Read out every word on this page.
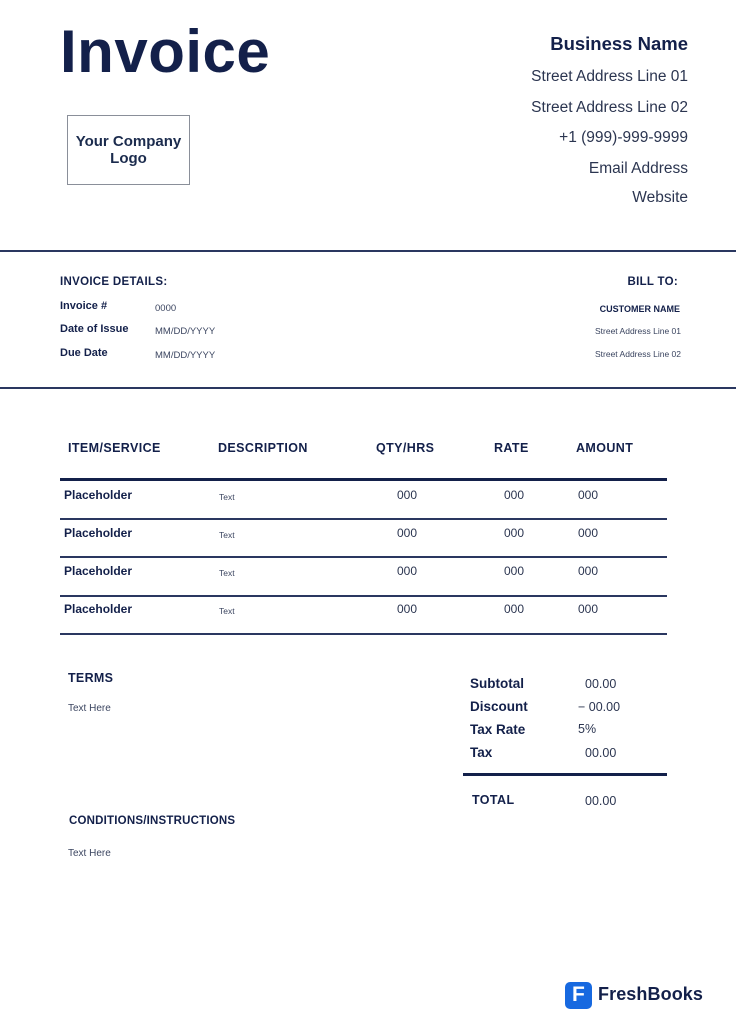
Invoice
Your Company Logo
Business Name
Street Address Line 01
Street Address Line 02
+1 (999)-999-9999
Email Address
Website
INVOICE DETAILS:
Invoice #	0000
Date of Issue	MM/DD/YYYY
Due Date	MM/DD/YYYY
BILL TO:
CUSTOMER NAME
Street Address Line 01
Street Address Line 02
ITEM/SERVICE	DESCRIPTION	QTY/HRS	RATE	AMOUNT
Placeholder	Text	000	000	000
Placeholder	Text	000	000	000
Placeholder	Text	000	000	000
Placeholder	Text	000	000	000
TERMS
Text Here
CONDITIONS/INSTRUCTIONS
Text Here
Subtotal	00.00
Discount	− 00.00
Tax Rate	5%
Tax	00.00
TOTAL	00.00
F FreshBooks
